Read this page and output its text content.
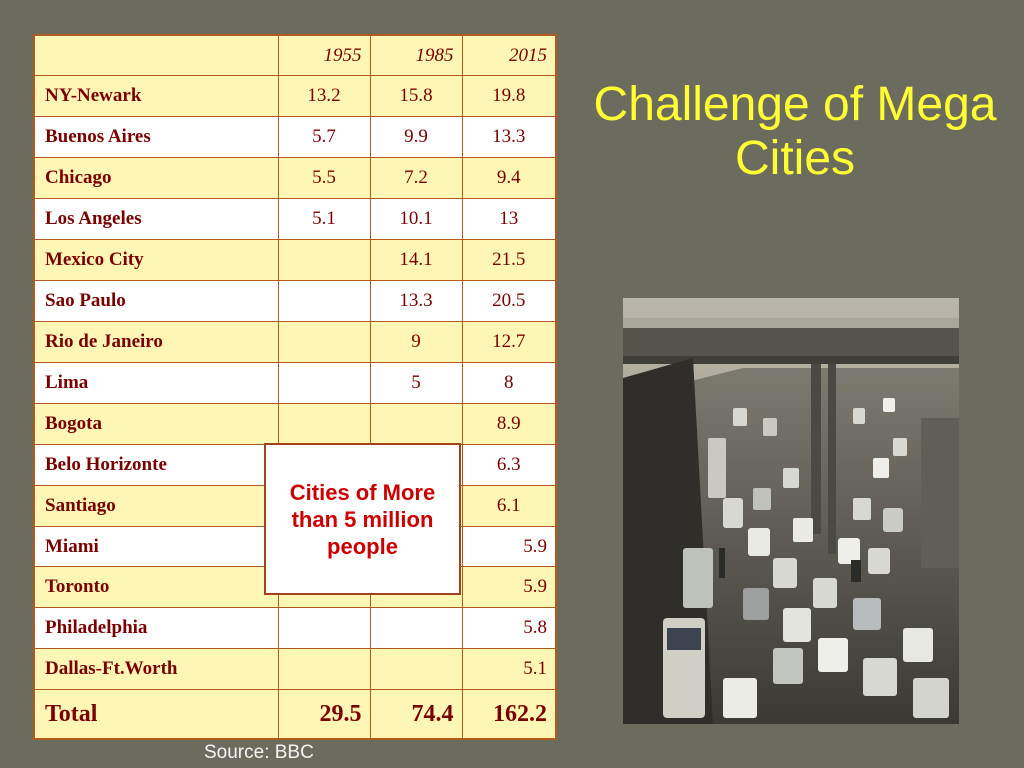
	1955	1985	2015
NY-Newark	13.2	15.8	19.8
Buenos Aires	5.7	9.9	13.3
Chicago	5.5	7.2	9.4
Los Angeles	5.1	10.1	13
Mexico City		14.1	21.5
Sao Paulo		13.3	20.5
Rio de Janeiro		9	12.7
Lima		5	8
Bogota			8.9
Belo Horizonte			6.3
Santiago			6.1
Miami			5.9
Toronto			5.9
Philadelphia			5.8
Dallas-Ft.Worth			5.1
Total	29.5	74.4	162.2
Challenge of Mega Cities
Cities of More than 5 million people
Source: BBC
